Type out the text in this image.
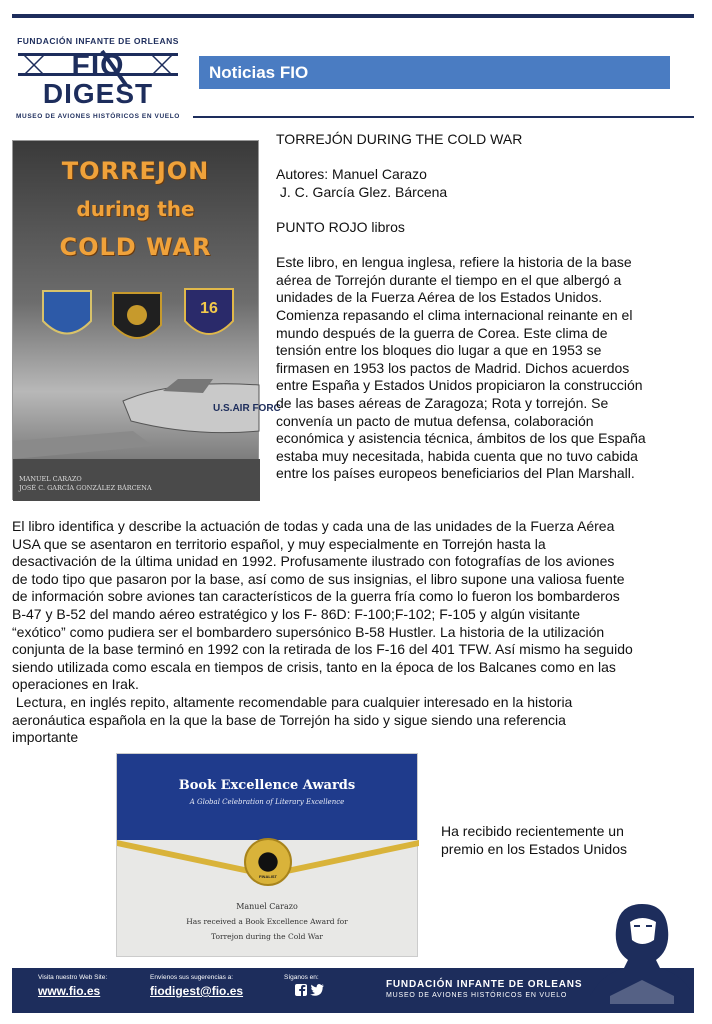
FUNDACIÓN INFANTE DE ORLEANS
FIO
DIGEST
MUSEO DE AVIONES HISTÓRICOS EN VUELO
Noticias FIO
16
U.S.AIR FORC
TORREJON
during the
COLD WAR
MANUEL CARAZO
JOSÉ C. GARCÍA GONZÁLEZ BÁRCENA

TORREJÓN DURING THE COLD WAR

Autores: Manuel Carazo
J. C. García Glez. Bárcena

PUNTO ROJO libros

Este libro, en lengua inglesa, refiere la historia de la base
aérea de Torrejón durante el tiempo en el que albergó a
unidades de la Fuerza Aérea de los Estados Unidos.
Comienza repasando el clima internacional reinante en el
mundo después de la guerra de Corea. Este clima de
tensión entre los bloques dio lugar a que en 1953 se
firmasen en 1953 los pactos de Madrid. Dichos acuerdos
entre España y Estados Unidos propiciaron la construcción
de las bases aéreas de Zaragoza; Rota y torrejón. Se
convenía un pacto de mutua defensa, colaboración
económica y asistencia técnica, ámbitos de los que España
estaba muy necesitada, habida cuenta que no tuvo cabida
entre los países europeos beneficiarios del Plan Marshall.

El libro identifica y describe la actuación de todas y cada una de las unidades de la Fuerza Aérea
USA que se asentaron en territorio español, y muy especialmente en Torrejón hasta la
desactivación de la última unidad en 1992. Profusamente ilustrado con fotografías de los aviones
de todo tipo que pasaron por la base, así como de sus insignias, el libro supone una valiosa fuente
de información sobre aviones tan característicos de la guerra fría como lo fueron los bombarderos
B-47 y B-52 del mando aéreo estratégico y los F- 86D: F-100;F-102; F-105 y algún visitante
“exótico” como pudiera ser el bombardero supersónico B-58 Hustler. La historia de la utilización
conjunta de la base terminó en 1992 con la retirada de los F-16 del 401 TFW. Así mismo ha seguido
siendo utilizada como escala en tiempos de crisis, tanto en la época de los Balcanes como en las
operaciones en Irak.
Lectura, en inglés repito, altamente recomendable para cualquier interesado en la historia
aeronáutica española en la que la base de Torrejón ha sido y sigue siendo una referencia
importante
Book Excellence Awards
A Global Celebration of Literary Excellence
FINALIST
Manuel Carazo
Has received a Book Excellence Award for
Torrejon during the Cold War
Ha recibido recientemente un
premio en los Estados Unidos
Visita nuestro Web Site:
www.fio.es
Envíenos sus sugerencias a:
fiodigest@fio.es
Síganos en:
FUNDACIÓN INFANTE DE ORLEANS
MUSEO DE AVIONES HISTÓRICOS EN VUELO
